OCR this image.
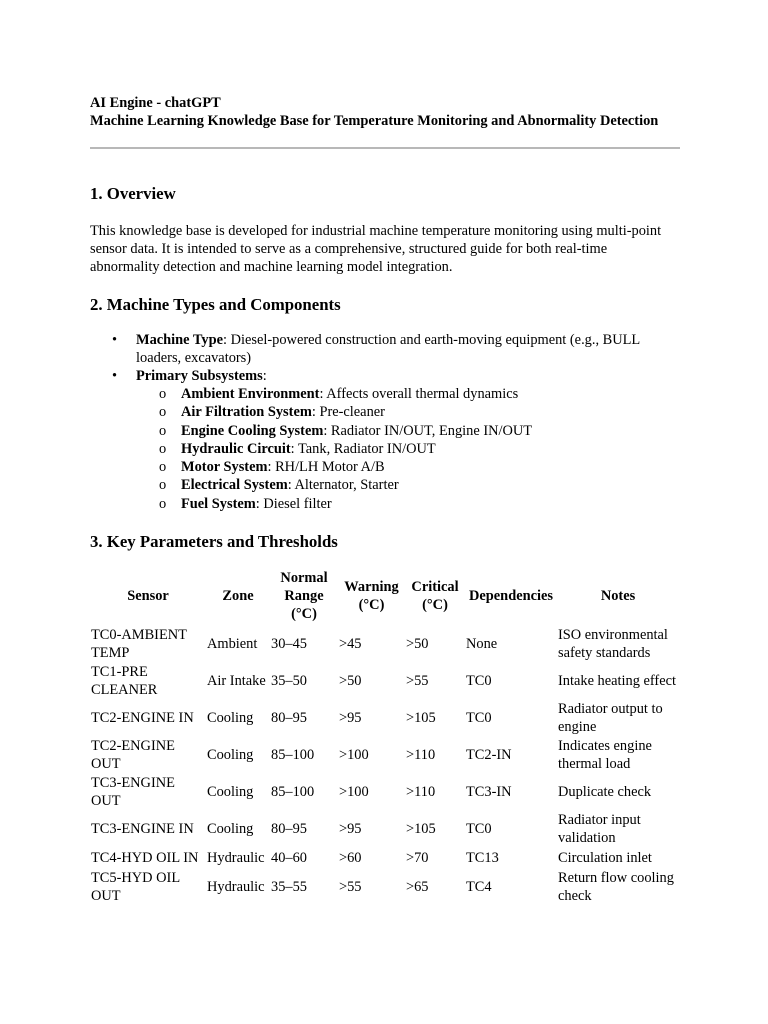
AI Engine - chatGPT

Machine Learning Knowledge Base for Temperature Monitoring and Abnormality Detection

1. Overview

This knowledge base is developed for industrial machine temperature monitoring using multi-point sensor data. It is intended to serve as a comprehensive, structured guide for both real-time abnormality detection and machine learning model integration.

2. Machine Types and Components
• Machine Type: Diesel-powered construction and earth-moving equipment (e.g., BULL loaders, excavators)
• Primary Subsystems:
o Ambient Environment: Affects overall thermal dynamics
o Air Filtration System: Pre-cleaner
o Engine Cooling System: Radiator IN/OUT, Engine IN/OUT
o Hydraulic Circuit: Tank, Radiator IN/OUT
o Motor System: RH/LH Motor A/B
o Electrical System: Alternator, Starter
o Fuel System: Diesel filter
3. Key Parameters and Thresholds
Sensor	Zone	Normal Range (°C)	Warning (°C)	Critical (°C)	Dependencies	Notes
TC0-AMBIENT TEMP	Ambient	30–45	>45	>50	None	ISO environmental safety standards
TC1-PRE CLEANER	Air Intake	35–50	>50	>55	TC0	Intake heating effect
TC2-ENGINE IN	Cooling	80–95	>95	>105	TC0	Radiator output to engine
TC2-ENGINE OUT	Cooling	85–100	>100	>110	TC2-IN	Indicates engine thermal load
TC3-ENGINE OUT	Cooling	85–100	>100	>110	TC3-IN	Duplicate check
TC3-ENGINE IN	Cooling	80–95	>95	>105	TC0	Radiator input validation
TC4-HYD OIL IN	Hydraulic	40–60	>60	>70	TC13	Circulation inlet
TC5-HYD OIL OUT	Hydraulic	35–55	>55	>65	TC4	Return flow cooling check
